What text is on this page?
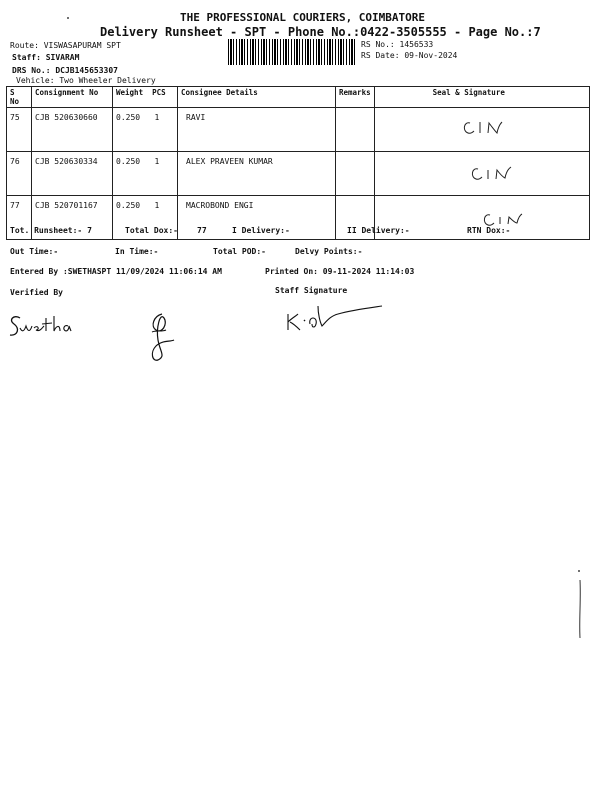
THE PROFESSIONAL COURIERS, COIMBATORE
Delivery Runsheet - SPT - Phone No.:0422-3505555 - Page No.:7
Route: VISWASAPURAM SPT
Staff: SIVARAM
DRS No.: DCJB145653307
Vehicle: Two Wheeler Delivery
RS No.: 1456533
RS Date: 09-Nov-2024
S No	Consignment No	Weight PCS	Consignee Details	Remarks	Seal & Signature
75	CJB 520630660	0.250 1	RAVI		
76	CJB 520630334	0.250 1	ALEX PRAVEEN KUMAR		
77	CJB 520701167	0.250 1	MACROBOND ENGI		
Tot. Runsheet:- 7	Total Dox:- 77	I Delivery:-	II Delivery:-	RTN Dox:-
Out Time:-	In Time:-	Total POD:-	Delvy Points:-
Entered By :SWETHASPT 11/09/2024 11:06:14 AM	Printed On: 09-11-2024 11:14:03
Verified By	Staff Signature
